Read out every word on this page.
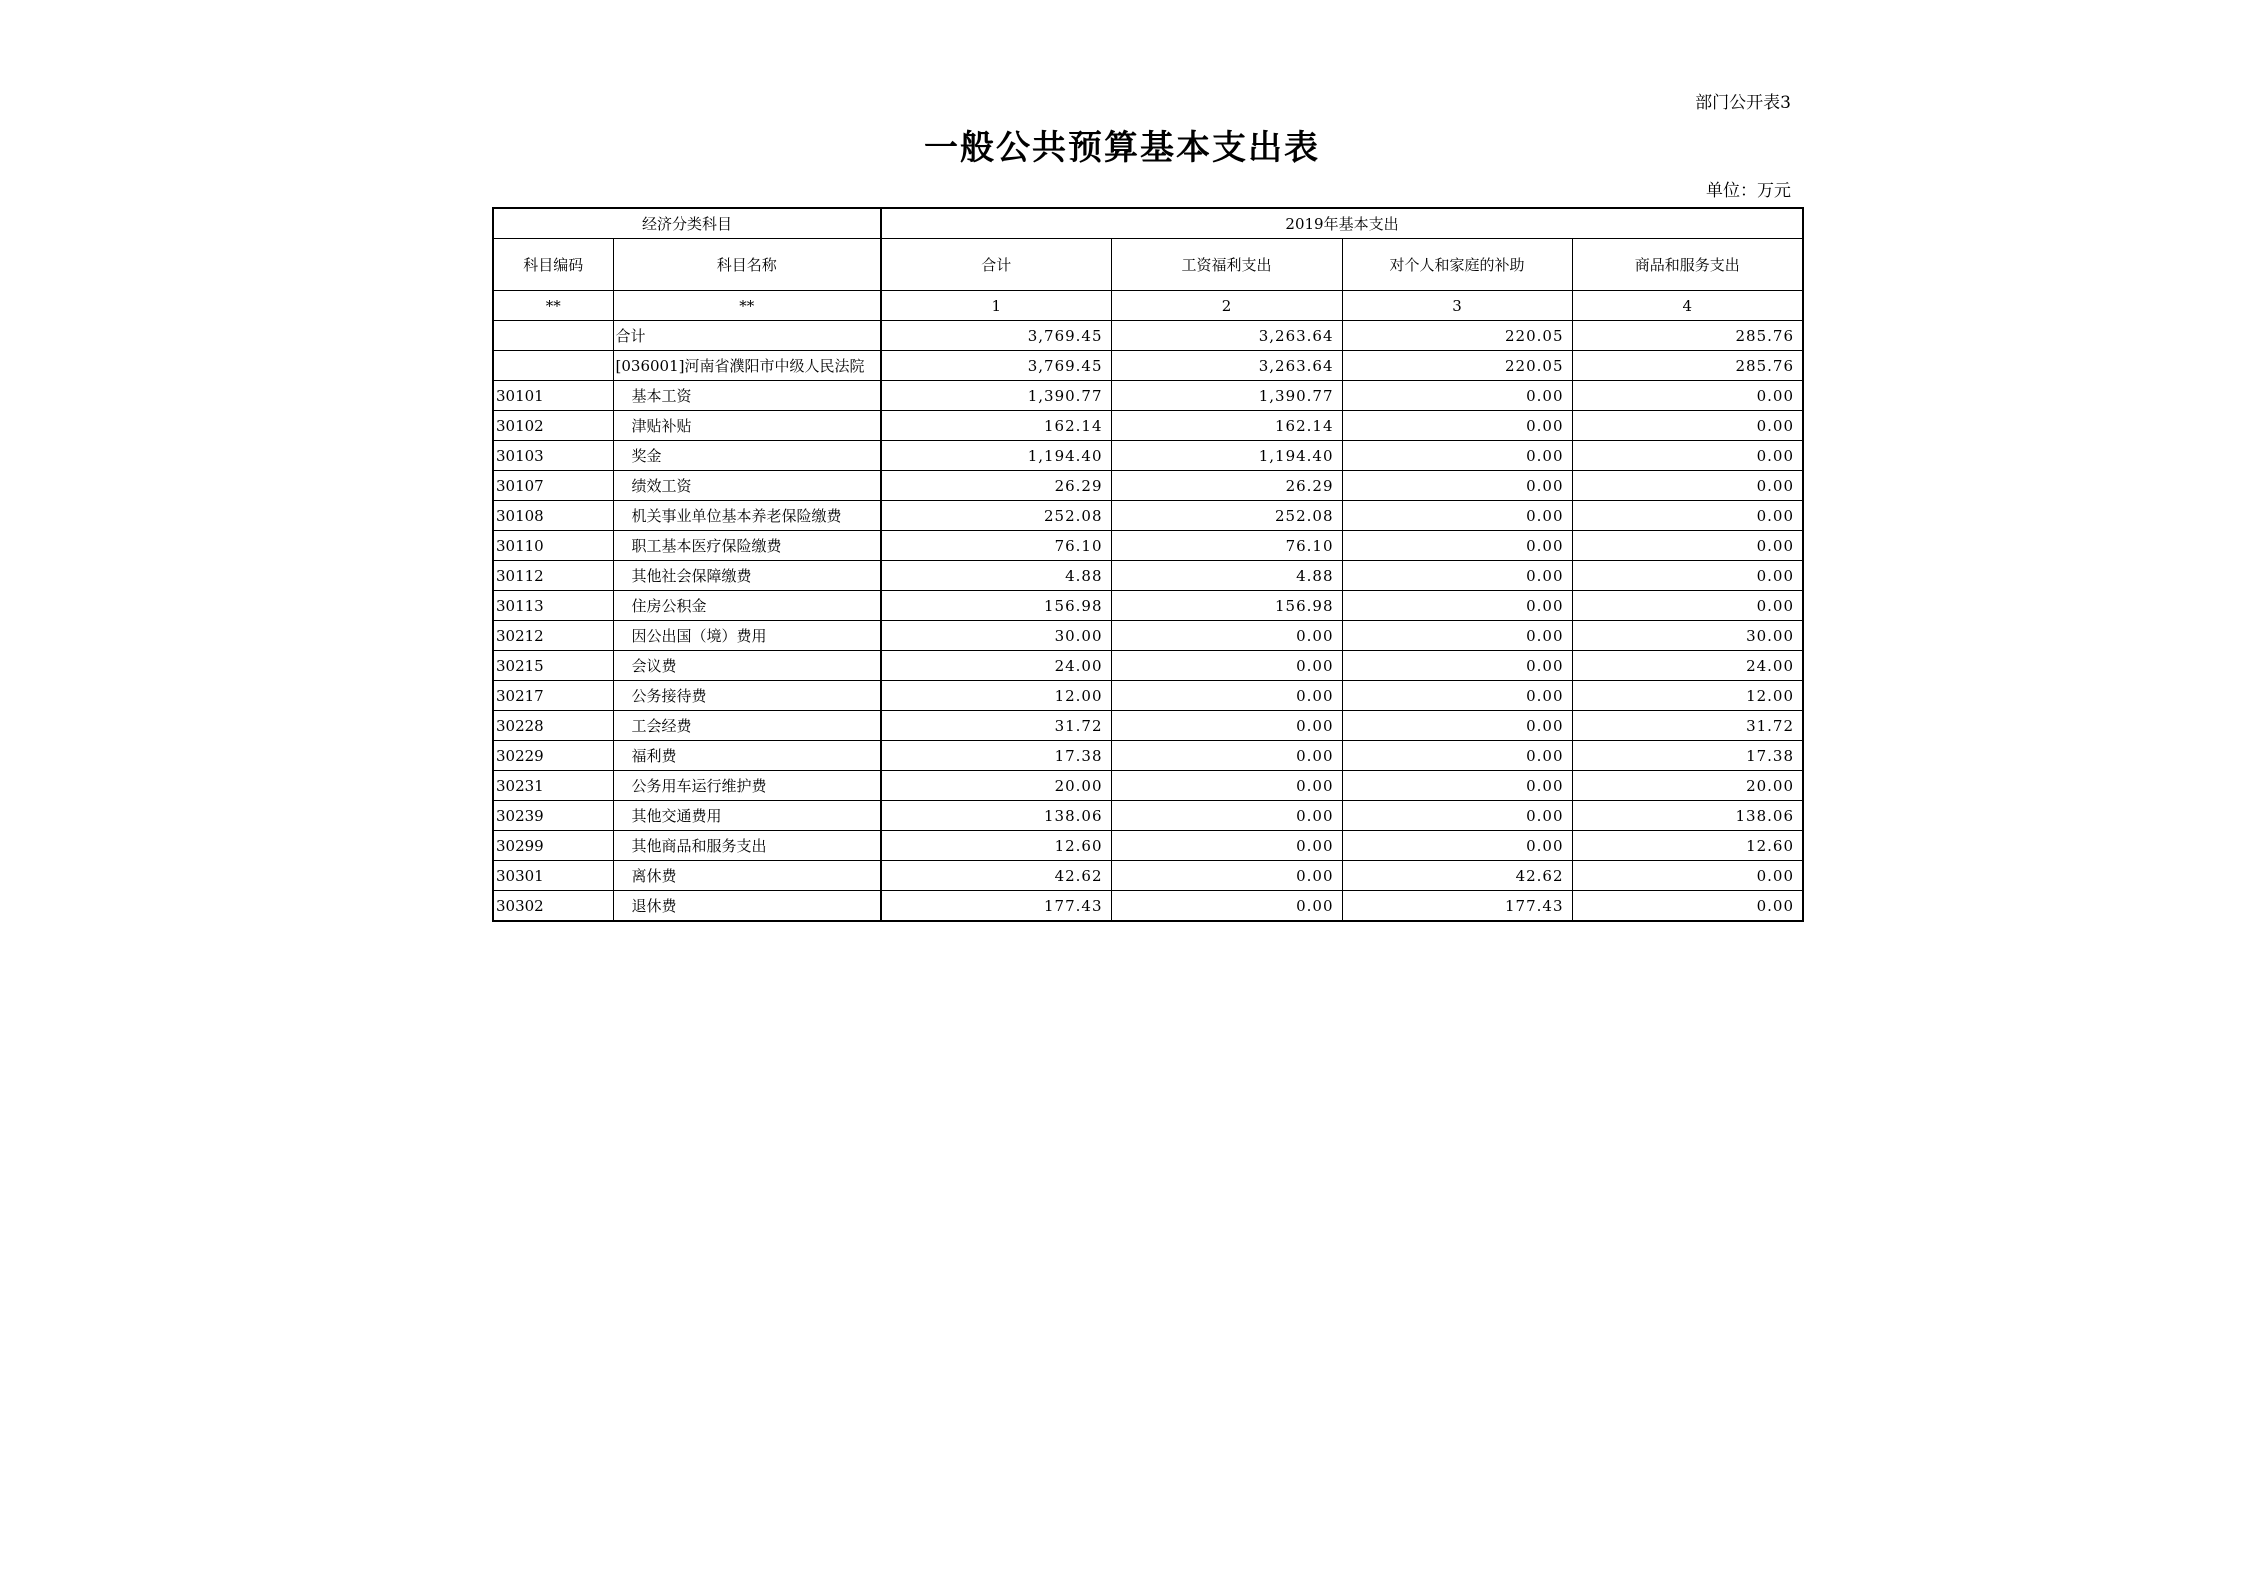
部门公开表3
一般公共预算基本支出表
单位：万元
经济分类科目		2019年基本支出			
科目编码	科目名称	合计	工资福利支出	对个人和家庭的补助	商品和服务支出
**	**	1	2	3	4
	合计	3,769.45	3,263.64	220.05	285.76
	[036001]河南省濮阳市中级人民法院	3,769.45	3,263.64	220.05	285.76
30101	基本工资	1,390.77	1,390.77	0.00	0.00
30102	津贴补贴	162.14	162.14	0.00	0.00
30103	奖金	1,194.40	1,194.40	0.00	0.00
30107	绩效工资	26.29	26.29	0.00	0.00
30108	机关事业单位基本养老保险缴费	252.08	252.08	0.00	0.00
30110	职工基本医疗保险缴费	76.10	76.10	0.00	0.00
30112	其他社会保障缴费	4.88	4.88	0.00	0.00
30113	住房公积金	156.98	156.98	0.00	0.00
30212	因公出国（境）费用	30.00	0.00	0.00	30.00
30215	会议费	24.00	0.00	0.00	24.00
30217	公务接待费	12.00	0.00	0.00	12.00
30228	工会经费	31.72	0.00	0.00	31.72
30229	福利费	17.38	0.00	0.00	17.38
30231	公务用车运行维护费	20.00	0.00	0.00	20.00
30239	其他交通费用	138.06	0.00	0.00	138.06
30299	其他商品和服务支出	12.60	0.00	0.00	12.60
30301	离休费	42.62	0.00	42.62	0.00
30302	退休费	177.43	0.00	177.43	0.00
